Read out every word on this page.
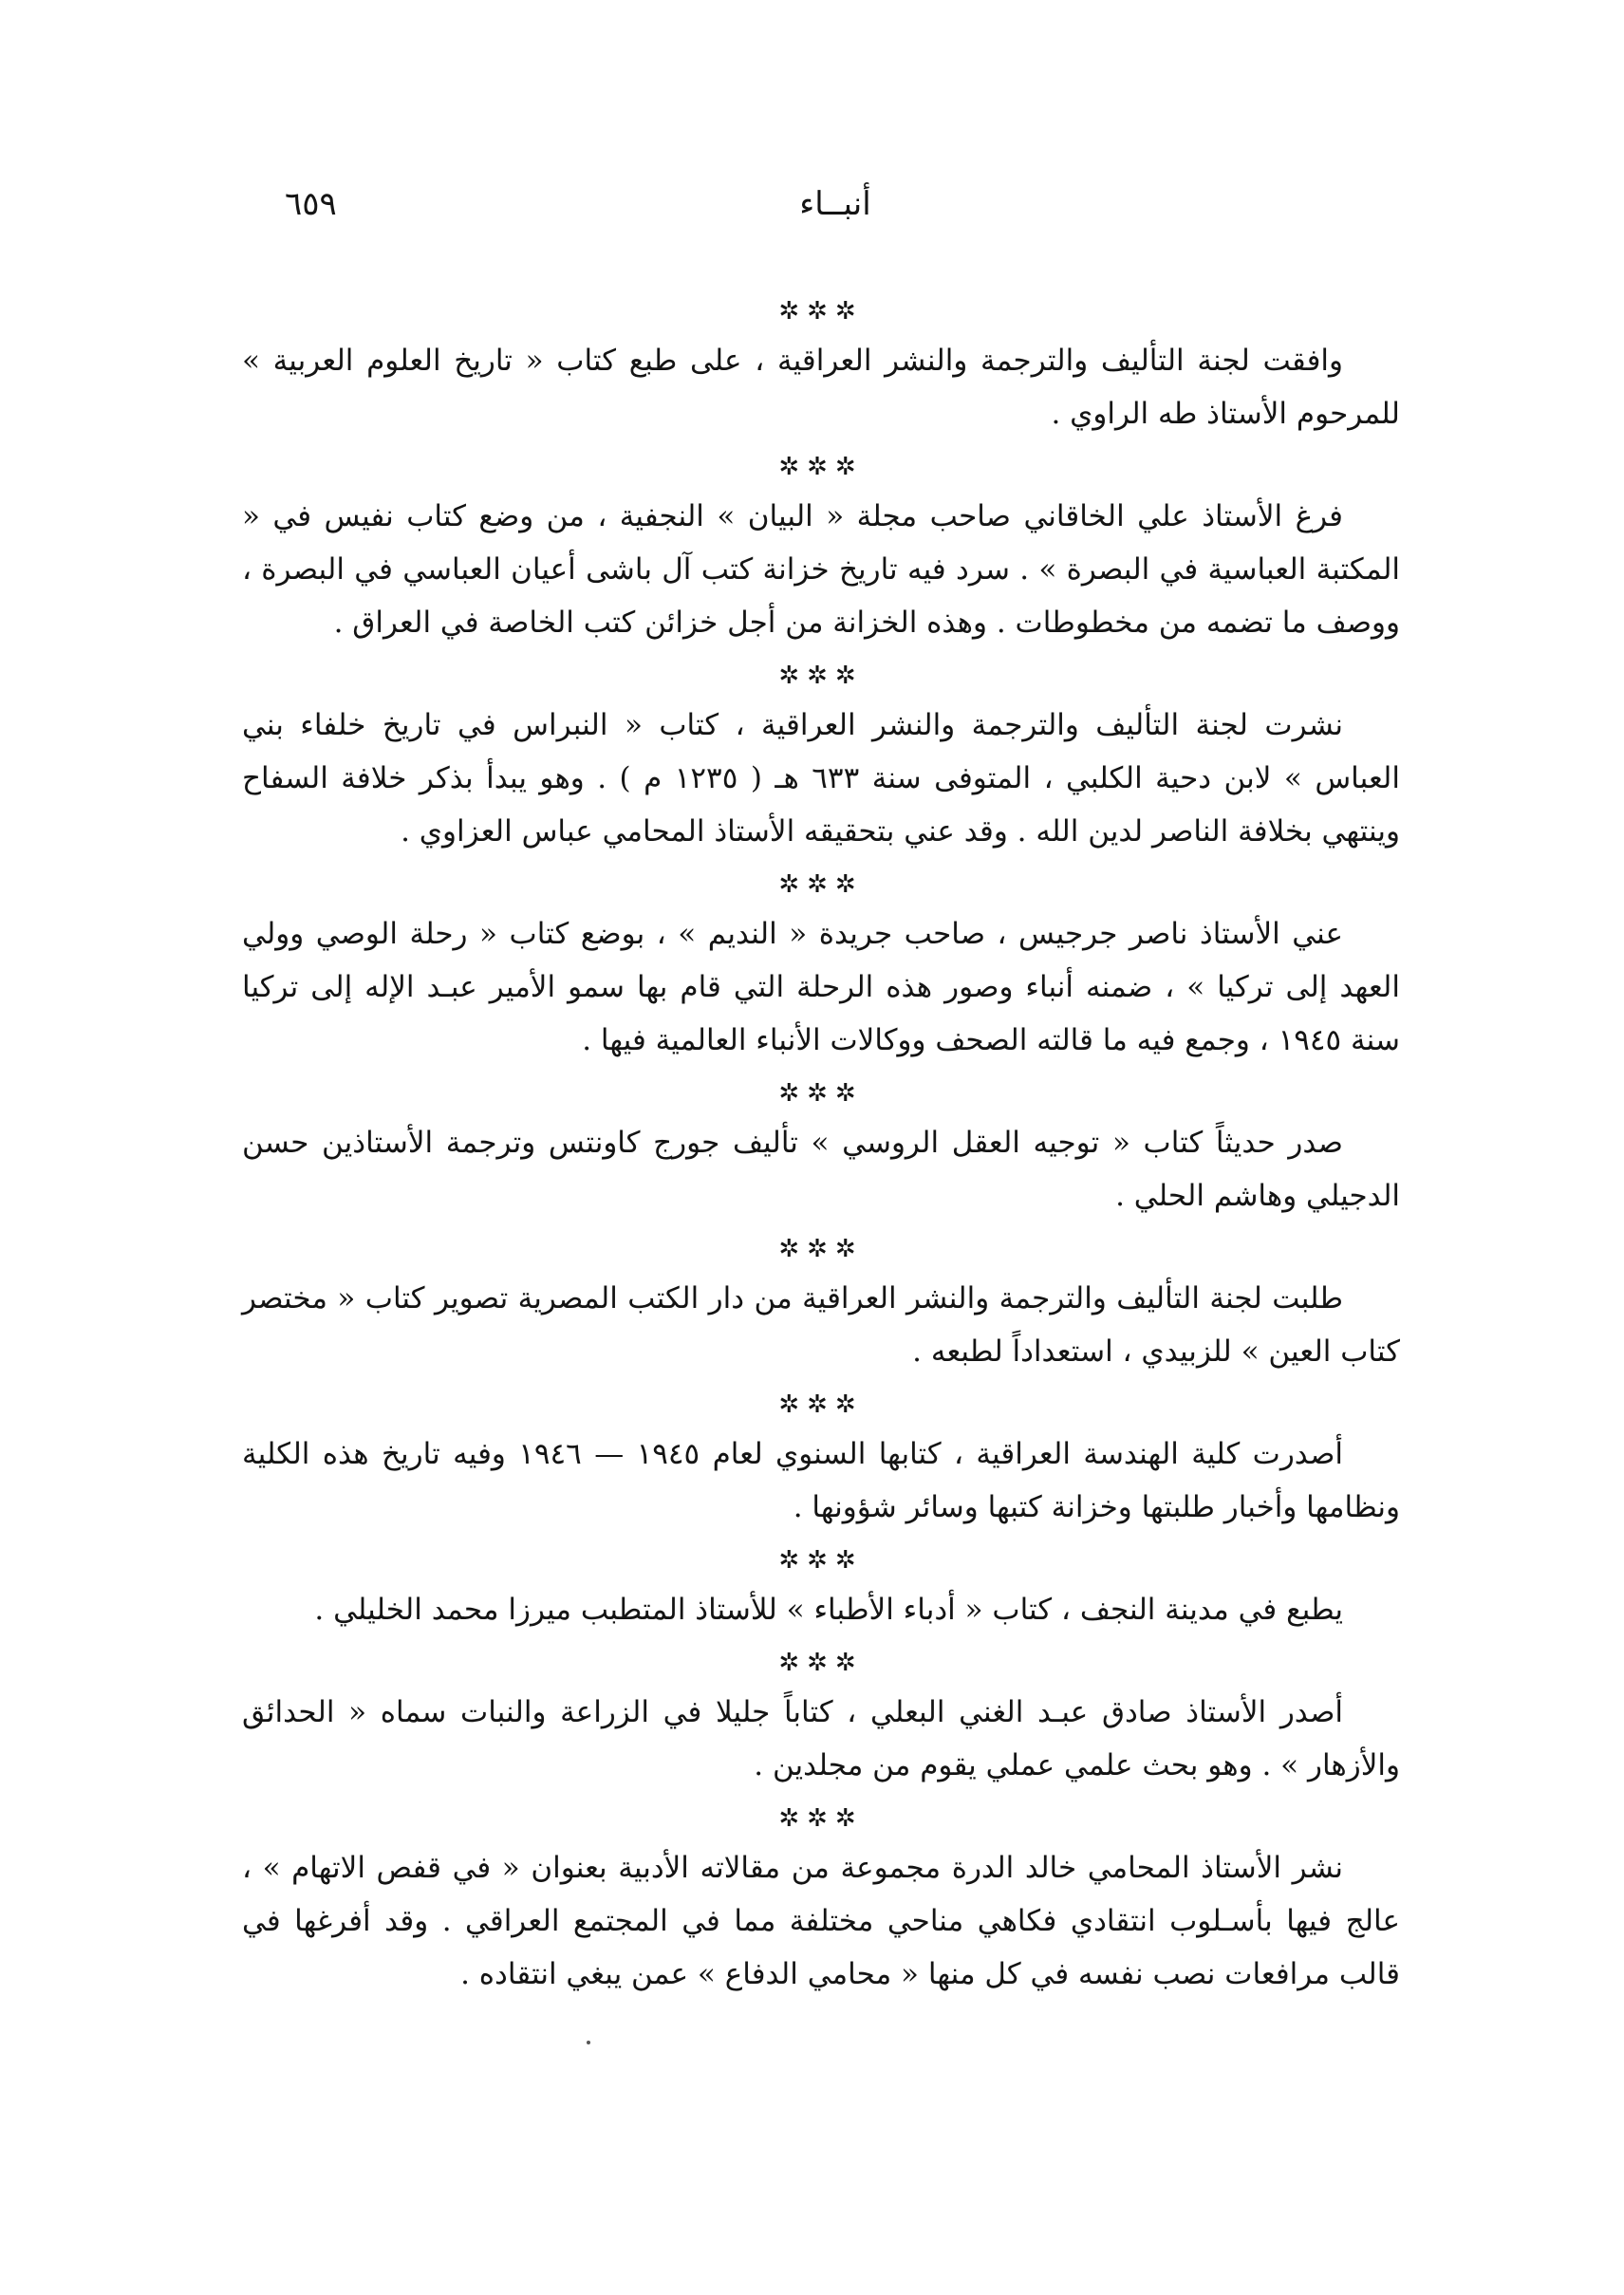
أنبــاء
٦٥٩
✲✲✲

وافقت لجنة التأليف والترجمة والنشر العراقية ، على طبع كتاب « تاريخ العلوم العربية » للمرحوم الأستاذ طه الراوي .

✲✲✲

فرغ الأستاذ علي الخاقاني صاحب مجلة « البيان » النجفية ، من وضع كتاب نفيس في « المكتبة العباسية في البصرة » . سرد فيه تاريخ خزانة كتب آل باشى أعيان العباسي في البصرة ، ووصف ما تضمه من مخطوطات . وهذه الخزانة من أجل خزائن كتب الخاصة في العراق .

✲✲✲

نشرت لجنة التأليف والترجمة والنشر العراقية ، كتاب « النبراس في تاريخ خلفاء بني العباس » لابن دحية الكلبي ، المتوفى سنة ٦٣٣ هـ ( ١٢٣٥ م ) . وهو يبدأ بذكر خلافة السفاح وينتهي بخلافة الناصر لدين الله . وقد عني بتحقيقه الأستاذ المحامي عباس العزاوي .

✲✲✲

عني الأستاذ ناصر جرجيس ، صاحب جريدة « النديم » ، بوضع كتاب « رحلة الوصي وولي العهد إلى تركيا » ، ضمنه أنباء وصور هذه الرحلة التي قام بها سمو الأمير عبـد الإله إلى تركيا سنة ١٩٤٥ ، وجمع فيه ما قالته الصحف ووكالات الأنباء العالمية فيها .

✲✲✲

صدر حديثاً كتاب « توجيه العقل الروسي » تأليف جورج كاونتس وترجمة الأستاذين حسن الدجيلي وهاشم الحلي .

✲✲✲

طلبت لجنة التأليف والترجمة والنشر العراقية من دار الكتب المصرية تصوير كتاب « مختصر كتاب العين » للزبيدي ، استعداداً لطبعه .

✲✲✲

أصدرت كلية الهندسة العراقية ، كتابها السنوي لعام ١٩٤٥ — ١٩٤٦ وفيه تاريخ هذه الكلية ونظامها وأخبار طلبتها وخزانة كتبها وسائر شؤونها .

✲✲✲

يطبع في مدينة النجف ، كتاب « أدباء الأطباء » للأستاذ المتطبب ميرزا محمد الخليلي .

✲✲✲

أصدر الأستاذ صادق عبـد الغني البعلي ، كتاباً جليلا في الزراعة والنبات سماه « الحدائق والأزهار » . وهو بحث علمي عملي يقوم من مجلدين .

✲✲✲

نشر الأستاذ المحامي خالد الدرة مجموعة من مقالاته الأدبية بعنوان « في قفص الاتهام » ، عالج فيها بأسـلوب انتقادي فكاهي مناحي مختلفة مما في المجتمع العراقي . وقد أفرغها في قالب مرافعات نصب نفسه في كل منها « محامي الدفاع » عمن يبغي انتقاده .
